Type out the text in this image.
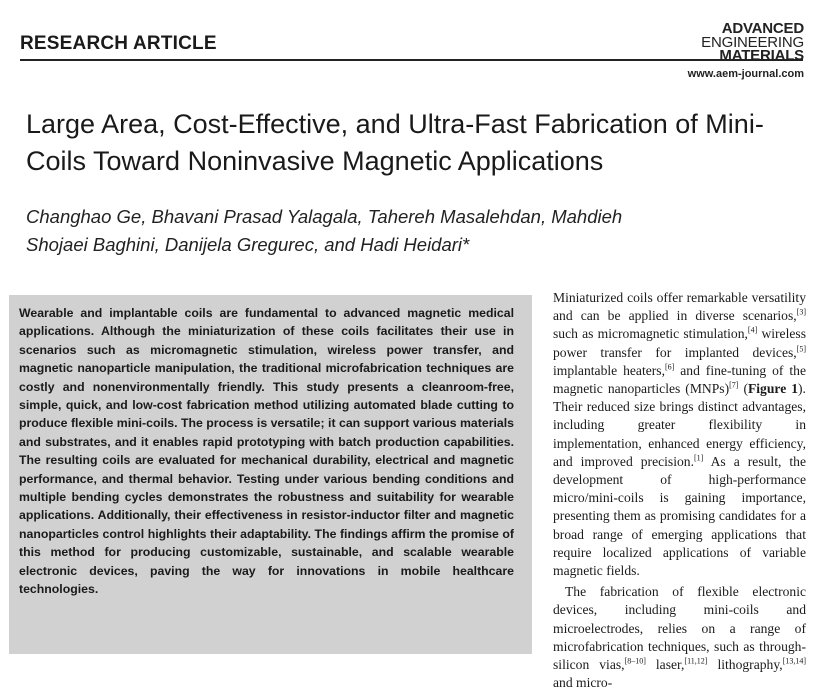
RESEARCH ARTICLE
ADVANCED
ENGINEERING
MATERIALS
www.aem-journal.com
Large Area, Cost-Effective, and Ultra-Fast Fabrication of Mini-Coils Toward Noninvasive Magnetic Applications

Changhao Ge, Bhavani Prasad Yalagala, Tahereh Masalehdan, Mahdieh Shojaei Baghini, Danijela Gregurec, and Hadi Heidari*

Wearable and implantable coils are fundamental to advanced magnetic medical applications. Although the miniaturization of these coils facilitates their use in scenarios such as micromagnetic stimulation, wireless power transfer, and magnetic nanoparticle manipulation, the traditional microfabrication techniques are costly and nonenvironmentally friendly. This study presents a cleanroom-free, simple, quick, and low-cost fabrication method utilizing automated blade cutting to produce flexible mini-coils. The process is versatile; it can support various materials and substrates, and it enables rapid prototyping with batch production capabilities. The resulting coils are evaluated for mechanical durability, electrical and magnetic performance, and thermal behavior. Testing under various bending conditions and multiple bending cycles demonstrates the robustness and suitability for wearable applications. Additionally, their effectiveness in resistor-inductor filter and magnetic nanoparticles control highlights their adaptability. The findings affirm the promise of this method for producing customizable, sustainable, and scalable wearable electronic devices, paving the way for innovations in mobile healthcare technologies.

Miniaturized coils offer remarkable versatility and can be applied in diverse scenarios,[3] such as micromagnetic stimulation,[4] wireless power transfer for implanted devices,[5] implantable heaters,[6] and fine-tuning of the magnetic nanoparticles (MNPs)[7] (Figure 1). Their reduced size brings distinct advantages, including greater flexibility in implementation, enhanced energy efficiency, and improved precision.[1] As a result, the development of high-performance micro/mini-coils is gaining importance, presenting them as promising candidates for a broad range of emerging applications that require localized applications of variable magnetic fields.

The fabrication of flexible electronic devices, including mini-coils and microelectrodes, relies on a range of microfabrication techniques, such as through-silicon vias,[8–10] laser,[11,12] lithography,[13,14] and micro-
